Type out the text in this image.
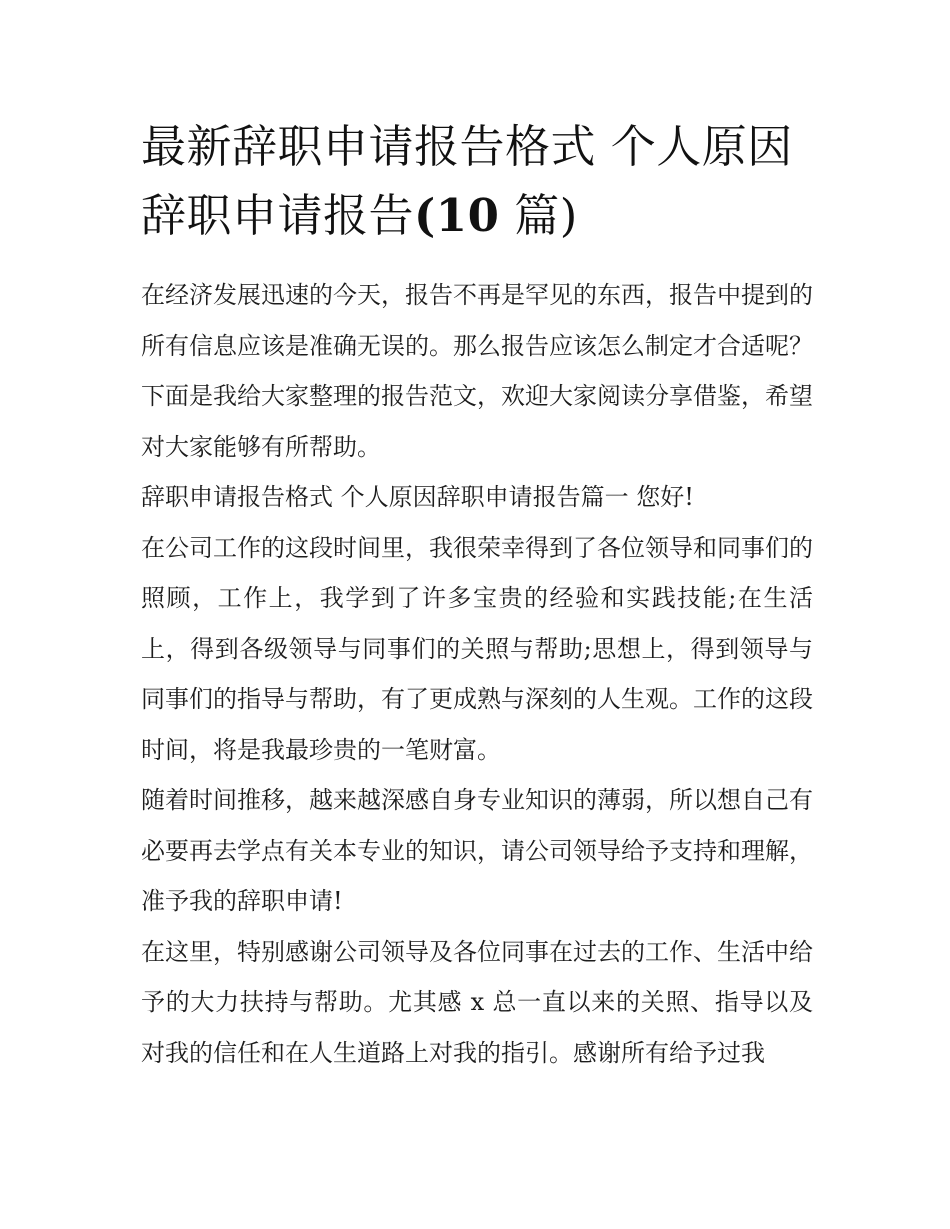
最新辞职申请报告格式 个人原因辞职申请报告(10 篇)

在经济发展迅速的今天，报告不再是罕见的东西，报告中提到的所有信息应该是准确无误的。那么报告应该怎么制定才合适呢？下面是我给大家整理的报告范文，欢迎大家阅读分享借鉴，希望对大家能够有所帮助。

辞职申请报告格式 个人原因辞职申请报告篇一 您好!

在公司工作的这段时间里，我很荣幸得到了各位领导和同事们的照顾，工作上，我学到了许多宝贵的经验和实践技能;在生活上，得到各级领导与同事们的关照与帮助;思想上，得到领导与同事们的指导与帮助，有了更成熟与深刻的人生观。工作的这段时间，将是我最珍贵的一笔财富。

随着时间推移，越来越深感自身专业知识的薄弱，所以想自己有必要再去学点有关本专业的知识，请公司领导给予支持和理解，准予我的辞职申请!

在这里，特别感谢公司领导及各位同事在过去的工作、生活中给予的大力扶持与帮助。尤其感 x 总一直以来的关照、指导以及对我的信任和在人生道路上对我的指引。感谢所有给予过我
